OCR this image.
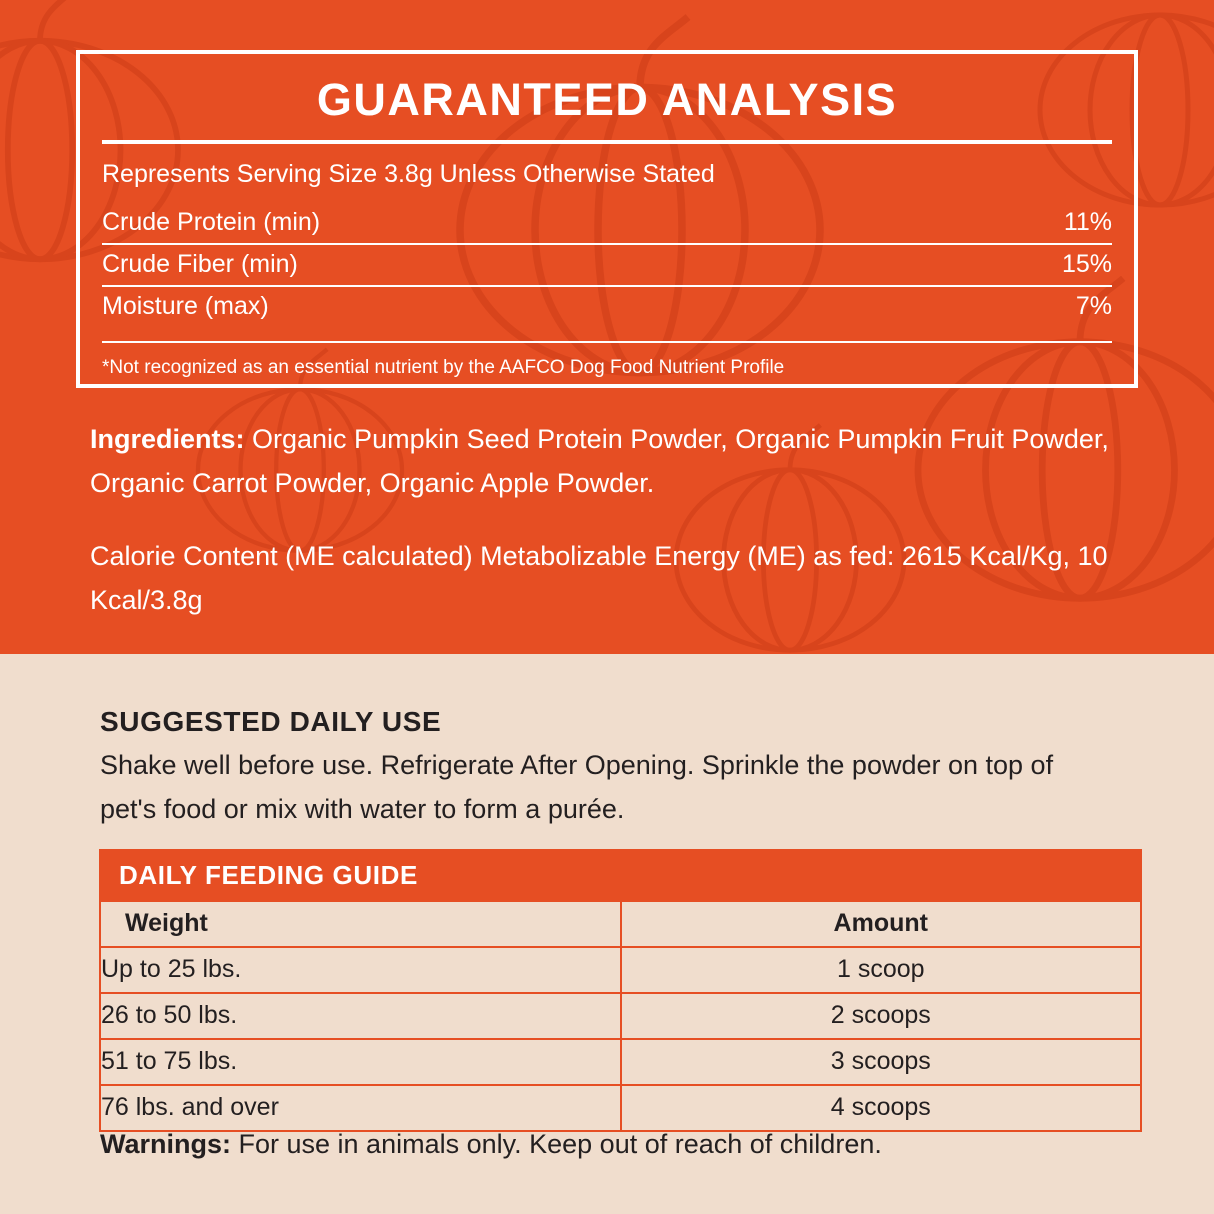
GUARANTEED ANALYSIS
Represents Serving Size 3.8g Unless Otherwise Stated
Crude Protein (min)	11%
Crude Fiber (min)	15%
Moisture (max)	7%
*Not recognized as an essential nutrient by the AAFCO Dog Food Nutrient Profile
Ingredients: Organic Pumpkin Seed Protein Powder, Organic Pumpkin Fruit Powder, Organic Carrot Powder, Organic Apple Powder.
Calorie Content (ME calculated) Metabolizable Energy (ME) as fed: 2615 Kcal/Kg, 10 Kcal/3.8g
SUGGESTED DAILY USE
Shake well before use. Refrigerate After Opening. Sprinkle the powder on top of pet's food or mix with water to form a purée.
DAILY FEEDING GUIDE	
Weight	Amount
Up to 25 lbs.	1 scoop
26 to 50 lbs.	2 scoops
51 to 75 lbs.	3 scoops
76 lbs. and over	4 scoops
Warnings: For use in animals only. Keep out of reach of children.
